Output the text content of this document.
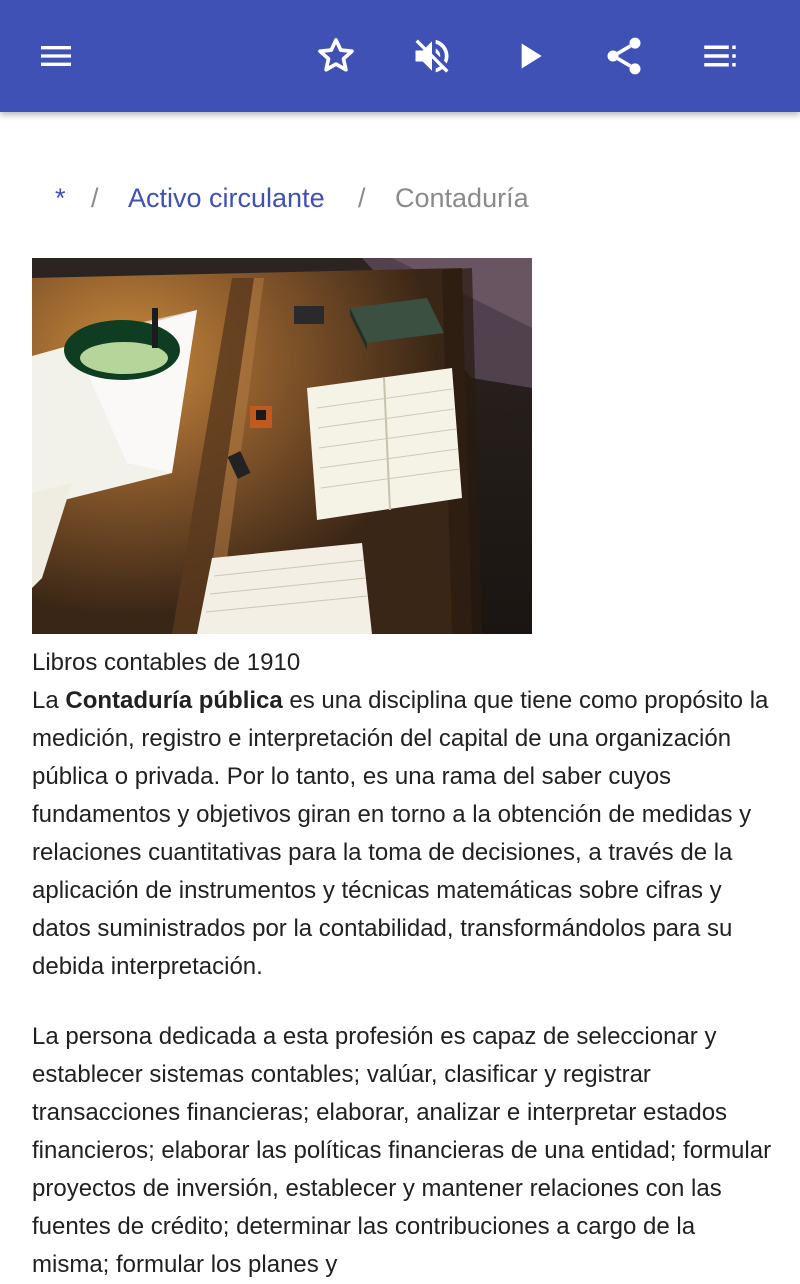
* / Activo circulante / Contaduría

Libros contables de 1910

La Contaduría pública es una disciplina que tiene como propósito la medición, registro e interpretación del capital de una organización pública o privada. Por lo tanto, es una rama del saber cuyos fundamentos y objetivos giran en torno a la obtención de medidas y relaciones cuantitativas para la toma de decisiones, a través de la aplicación de instrumentos y técnicas matemáticas sobre cifras y datos suministrados por la contabilidad, transformándolos para su debida interpretación.

La persona dedicada a esta profesión es capaz de seleccionar y establecer sistemas contables; valúar, clasificar y registrar transacciones financieras; elaborar, analizar e interpretar estados financieros; elaborar las políticas financieras de una entidad; formular proyectos de inversión, establecer y mantener relaciones con las fuentes de crédito; determinar las contribuciones a cargo de la misma; formular los planes y
